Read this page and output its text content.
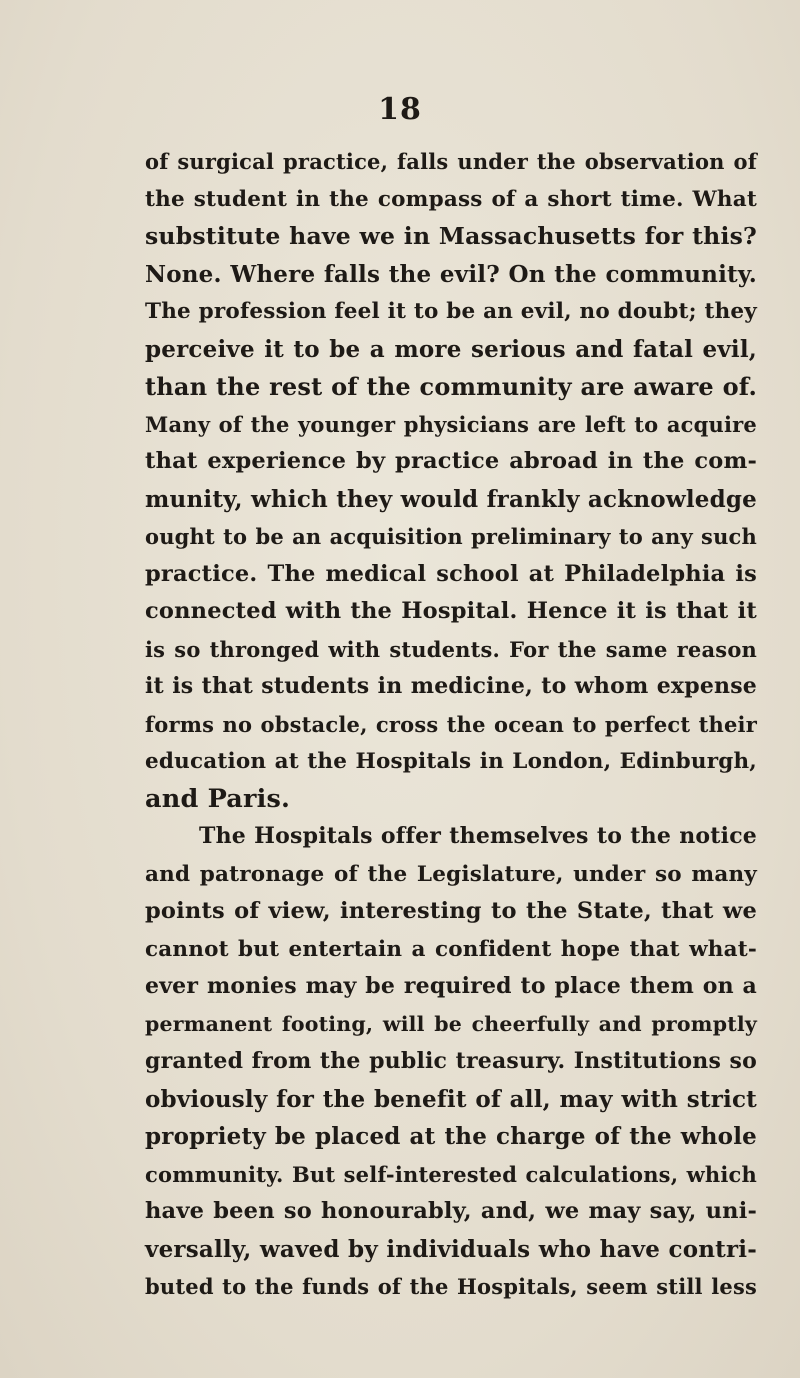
18
of surgical practice, falls under the observation of
the student in the compass of a short time. What
substitute have we in Massachusetts for this?
None. Where falls the evil? On the community.
The profession feel it to be an evil, no doubt; they
perceive it to be a more serious and fatal evil,
than the rest of the community are aware of.
Many of the younger physicians are left to acquire
that experience by practice abroad in the com-
munity, which they would frankly acknowledge
ought to be an acquisition preliminary to any such
practice. The medical school at Philadelphia is
connected with the Hospital. Hence it is that it
is so thronged with students. For the same reason
it is that students in medicine, to whom expense
forms no obstacle, cross the ocean to perfect their
education at the Hospitals in London, Edinburgh,
and Paris.
The Hospitals offer themselves to the notice
and patronage of the Legislature, under so many
points of view, interesting to the State, that we
cannot but entertain a confident hope that what-
ever monies may be required to place them on a
permanent footing, will be cheerfully and promptly
granted from the public treasury. Institutions so
obviously for the benefit of all, may with strict
propriety be placed at the charge of the whole
community. But self-interested calculations, which
have been so honourably, and, we may say, uni-
versally, waved by individuals who have contri-
buted to the funds of the Hospitals, seem still less
